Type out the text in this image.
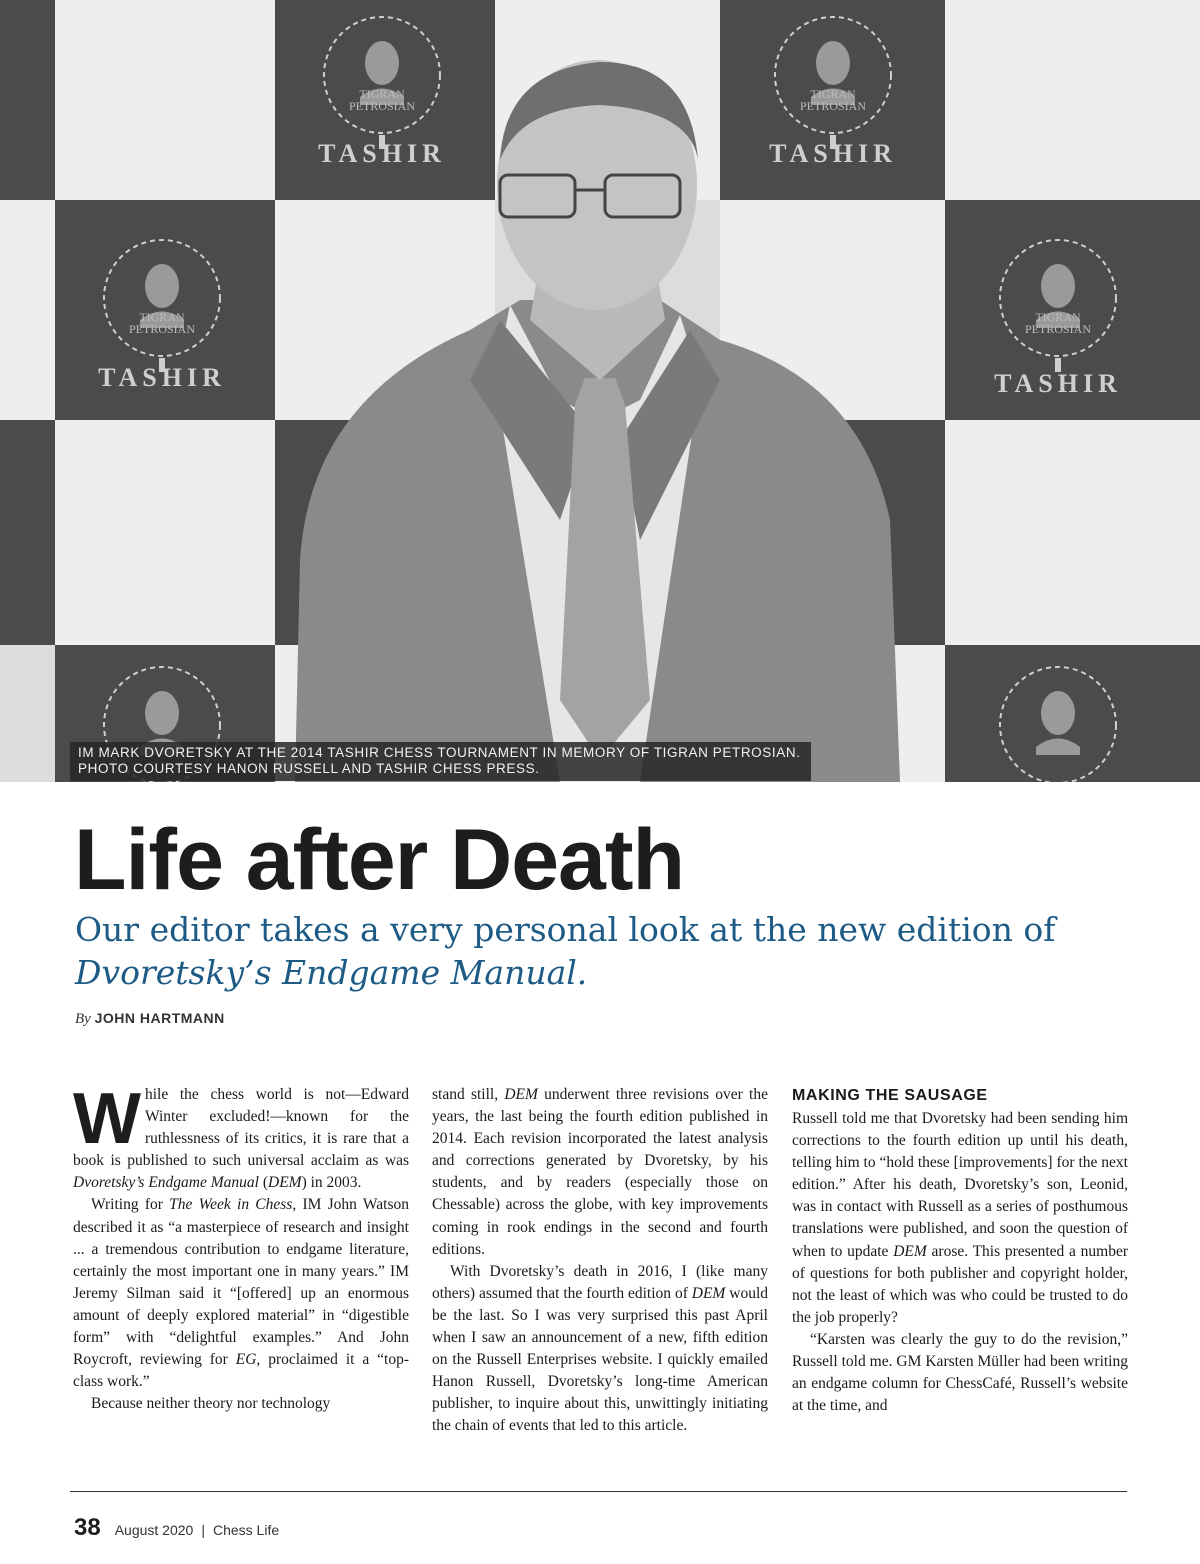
TIGRAN
PETROSIAN
TIGRAN
PETROSIAN
TIGRAN
PETROSIAN
TIGRAN
PETROSIAN
TASHIR	TASHIR
TASHIR	TASHIR
IM MARK DVORETSKY AT THE 2014 TASHIR CHESS TOURNAMENT IN MEMORY OF TIGRAN PETROSIAN.
PHOTO COURTESY HANON RUSSELL AND TASHIR CHESS PRESS.
Life after Death
Our editor takes a very personal look at the new edition of
Dvoretsky’s Endgame Manual.
By JOHN HARTMANN

While the chess world is not—Edward Winter excluded!—known for the ruthlessness of its critics, it is rare that a book is published to such universal acclaim as was Dvoretsky’s Endgame Manual (DEM) in 2003.

Writing for The Week in Chess, IM John Watson described it as “a masterpiece of research and insight ... a tremendous contribution to endgame literature, certainly the most important one in many years.” IM Jeremy Silman said it “[offered] up an enormous amount of deeply explored material” in “digestible form” with “delightful examples.” And John Roycroft, reviewing for EG, proclaimed it a “top-class work.”

Because neither theory nor technology

stand still, DEM underwent three revisions over the years, the last being the fourth edition published in 2014. Each revision incorporated the latest analysis and corrections generated by Dvoretsky, by his students, and by readers (especially those on Chessable) across the globe, with key improvements coming in rook endings in the second and fourth editions.

With Dvoretsky’s death in 2016, I (like many others) assumed that the fourth edition of DEM would be the last. So I was very surprised this past April when I saw an announcement of a new, fifth edition on the Russell Enterprises website. I quickly emailed Hanon Russell, Dvoretsky’s long-time American publisher, to inquire about this, unwittingly initiating the chain of events that led to this article.

MAKING THE SAUSAGE

Russell told me that Dvoretsky had been sending him corrections to the fourth edition up until his death, telling him to “hold these [improvements] for the next edition.” After his death, Dvoretsky’s son, Leonid, was in contact with Russell as a series of posthumous translations were published, and soon the question of when to update DEM arose. This presented a number of questions for both publisher and copyright holder, not the least of which was who could be trusted to do the job properly?

“Karsten was clearly the guy to do the revision,” Russell told me. GM Karsten Müller had been writing an endgame column for ChessCafé, Russell’s website at the time, and

38 August 2020 | Chess Life
